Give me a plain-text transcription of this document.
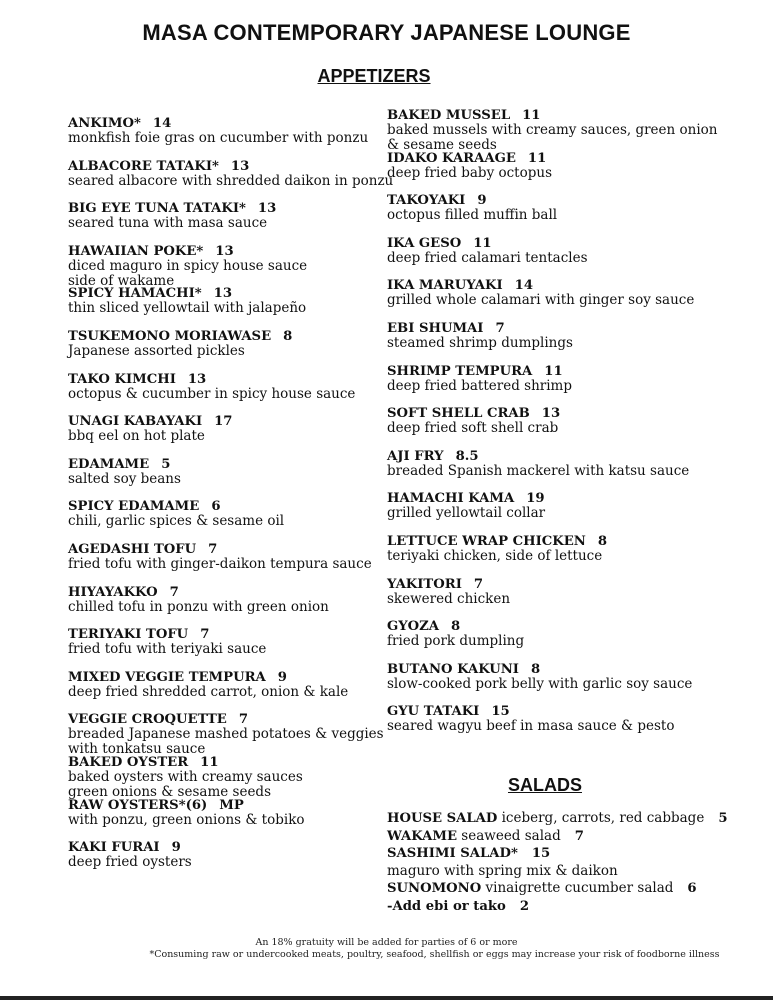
MASA CONTEMPORARY JAPANESE LOUNGE
APPETIZERS
ANKIMO* 14
monkfish foie gras on cucumber with ponzu
ALBACORE TATAKI* 13
seared albacore with shredded daikon in ponzu
BIG EYE TUNA TATAKI* 13
seared tuna with masa sauce
HAWAIIAN POKE* 13
diced maguro in spicy house sauce
side of wakame
SPICY HAMACHI* 13
thin sliced yellowtail with jalapeño
TSUKEMONO MORIAWASE 8
Japanese assorted pickles
TAKO KIMCHI 13
octopus & cucumber in spicy house sauce
UNAGI KABAYAKI 17
bbq eel on hot plate
EDAMAME 5
salted soy beans
SPICY EDAMAME 6
chili, garlic spices & sesame oil
AGEDASHI TOFU 7
fried tofu with ginger-daikon tempura sauce
HIYAYAKKO 7
chilled tofu in ponzu with green onion
TERIYAKI TOFU 7
fried tofu with teriyaki sauce
MIXED VEGGIE TEMPURA 9
deep fried shredded carrot, onion & kale
VEGGIE CROQUETTE 7
breaded Japanese mashed potatoes & veggies
with tonkatsu sauce
BAKED OYSTER 11
baked oysters with creamy sauces
green onions & sesame seeds
RAW OYSTERS*(6) MP
with ponzu, green onions & tobiko
KAKI FURAI 9
deep fried oysters
BAKED MUSSEL 11
baked mussels with creamy sauces, green onion
& sesame seeds
IDAKO KARAAGE 11
deep fried baby octopus
TAKOYAKI 9
octopus filled muffin ball
IKA GESO 11
deep fried calamari tentacles
IKA MARUYAKI 14
grilled whole calamari with ginger soy sauce
EBI SHUMAI 7
steamed shrimp dumplings
SHRIMP TEMPURA 11
deep fried battered shrimp
SOFT SHELL CRAB 13
deep fried soft shell crab
AJI FRY 8.5
breaded Spanish mackerel with katsu sauce
HAMACHI KAMA 19
grilled yellowtail collar
LETTUCE WRAP CHICKEN 8
teriyaki chicken, side of lettuce
YAKITORI 7
skewered chicken
GYOZA 8
fried pork dumpling
BUTANO KAKUNI 8
slow-cooked pork belly with garlic soy sauce
GYU TATAKI 15
seared wagyu beef in masa sauce & pesto
SALADS
HOUSE SALAD iceberg, carrots, red cabbage 5
WAKAME seaweed salad 7
SASHIMI SALAD* 15
maguro with spring mix & daikon
SUNOMONO vinaigrette cucumber salad 6
-Add ebi or tako 2
An 18% gratuity will be added for parties of 6 or more
*Consuming raw or undercooked meats, poultry, seafood, shellfish or eggs may increase your risk of foodborne illness
